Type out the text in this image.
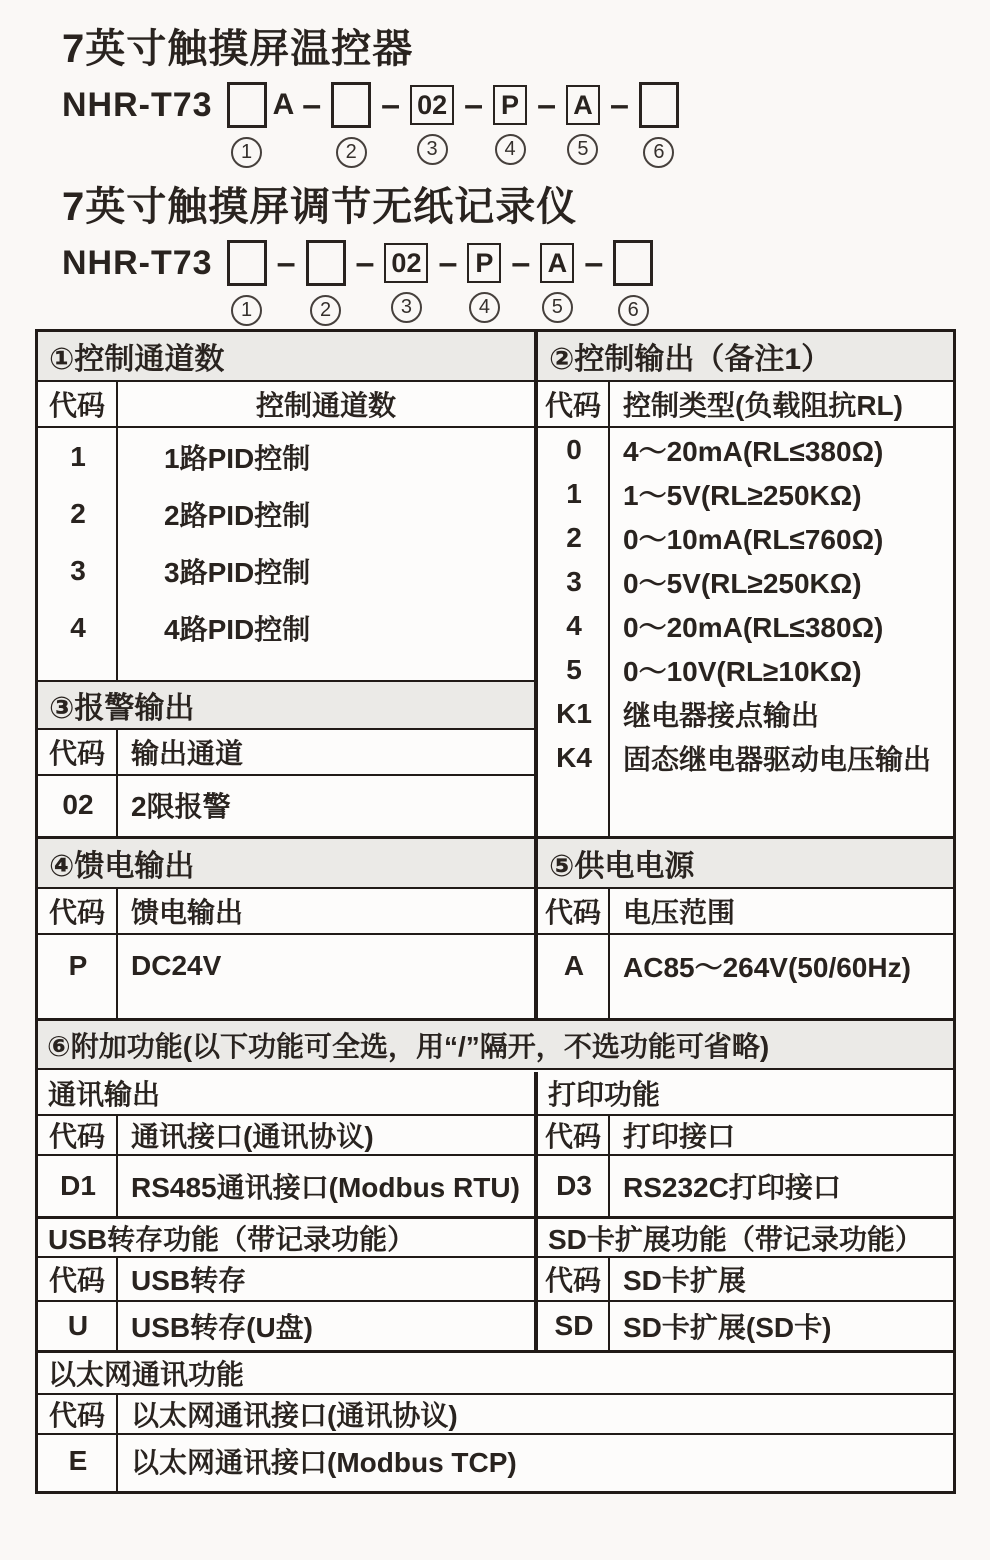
7英寸触摸屏温控器
NHR-T73
1
A –
2
– 02
3
– P
4
– A
5
–
6
7英寸触摸屏调节无纸记录仪
NHR-T73
1
–
2
– 02
3
– P
4
– A
5
–
6
①控制通道数
代码	控制通道数
1	1路PID控制
2	2路PID控制
3	3路PID控制
4	4路PID控制
③报警输出
代码 输出通道
02	2限报警
②控制输出（备注1）
代码 控制类型(负载阻抗RL)
0	4～20mA(RL≤380Ω)
1	1～5V(RL≥250KΩ)
2	0～10mA(RL≤760Ω)
3	0～5V(RL≥250KΩ)
4	0～20mA(RL≤380Ω)
5	0～10V(RL≥10KΩ)
K1	继电器接点输出
K4	固态继电器驱动电压输出
④馈电输出
代码 馈电输出
P	DC24V
⑤供电电源
代码 电压范围
A	AC85～264V(50/60Hz)
⑥附加功能(以下功能可全选，用“/”隔开，不选功能可省略)
通讯输出
代码 通讯接口(通讯协议)
D1	RS485通讯接口(Modbus RTU)
USB转存功能（带记录功能）
代码 USB转存
U	USB转存(U盘)
打印功能
代码 打印接口
D3	RS232C打印接口
SD卡扩展功能（带记录功能）
代码 SD卡扩展
SD	SD卡扩展(SD卡)
以太网通讯功能
代码 以太网通讯接口(通讯协议)
E	以太网通讯接口(Modbus TCP)
